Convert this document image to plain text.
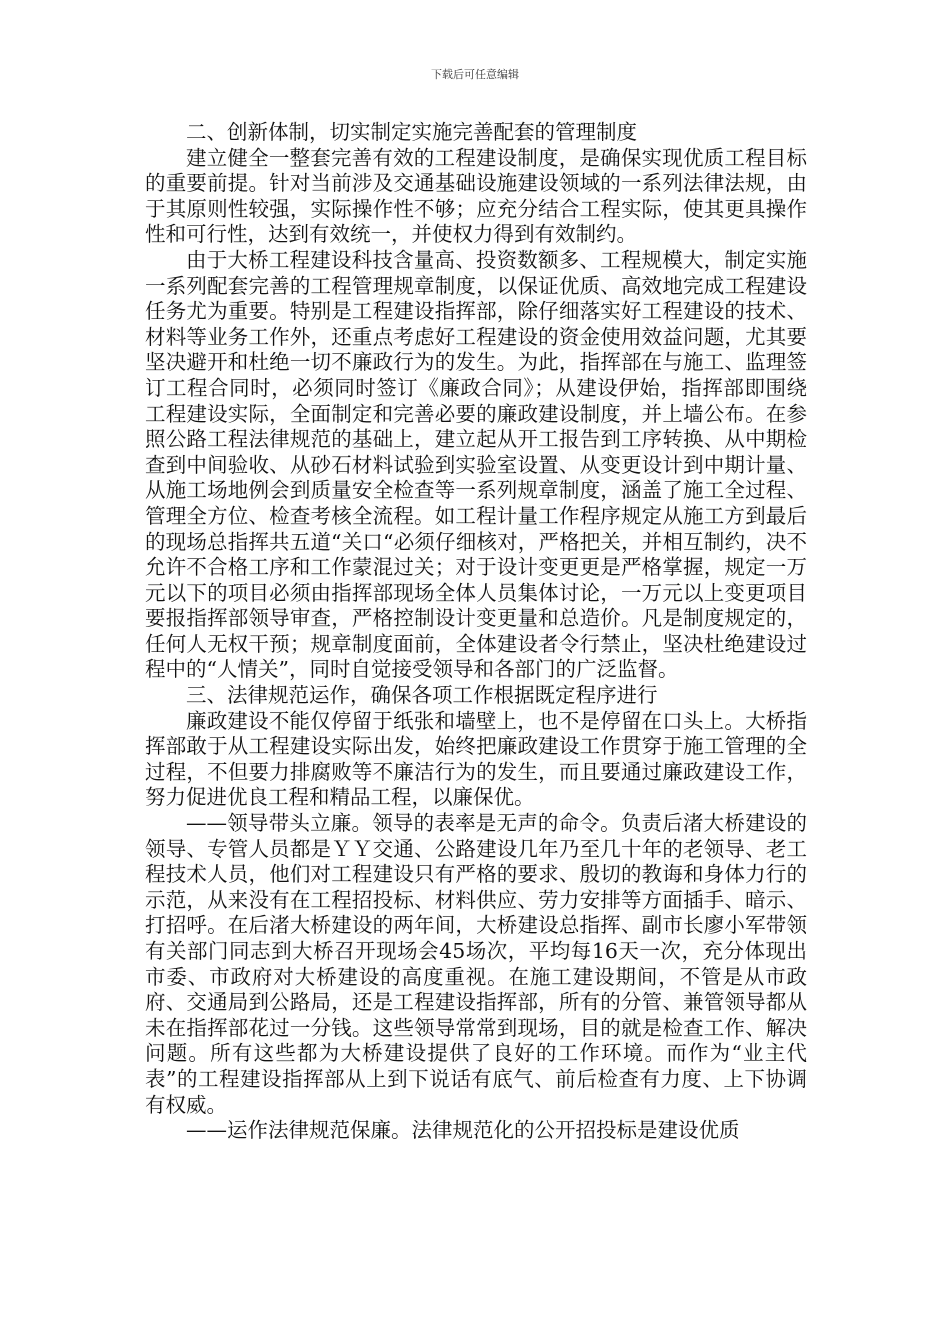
下载后可任意编辑

二、创新体制，切实制定实施完善配套的管理制度

建立健全一整套完善有效的工程建设制度，是确保实现优质工程目标的重要前提。针对当前涉及交通基础设施建设领域的一系列法律法规，由于其原则性较强，实际操作性不够；应充分结合工程实际，使其更具操作性和可行性，达到有效统一，并使权力得到有效制约。

由于大桥工程建设科技含量高、投资数额多、工程规模大，制定实施一系列配套完善的工程管理规章制度，以保证优质、高效地完成工程建设任务尤为重要。特别是工程建设指挥部，除仔细落实好工程建设的技术、材料等业务工作外，还重点考虑好工程建设的资金使用效益问题，尤其要坚决避开和杜绝一切不廉政行为的发生。为此，指挥部在与施工、监理签订工程合同时，必须同时签订《廉政合同》；从建设伊始，指挥部即围绕工程建设实际，全面制定和完善必要的廉政建设制度，并上墙公布。在参照公路工程法律规范的基础上，建立起从开工报告到工序转换、从中期检查到中间验收、从砂石材料试验到实验室设置、从变更设计到中期计量、从施工场地例会到质量安全检查等一系列规章制度，涵盖了施工全过程、管理全方位、检查考核全流程。如工程计量工作程序规定从施工方到最后的现场总指挥共五道“关口“必须仔细核对，严格把关，并相互制约，决不允许不合格工序和工作蒙混过关；对于设计变更更是严格掌握，规定一万元以下的项目必须由指挥部现场全体人员集体讨论，一万元以上变更项目要报指挥部领导审查，严格控制设计变更量和总造价。凡是制度规定的，任何人无权干预；规章制度面前，全体建设者令行禁止，坚决杜绝建设过程中的“人情关”，同时自觉接受领导和各部门的广泛监督。

三、法律规范运作，确保各项工作根据既定程序进行

廉政建设不能仅停留于纸张和墙壁上，也不是停留在口头上。大桥指挥部敢于从工程建设实际出发，始终把廉政建设工作贯穿于施工管理的全过程，不但要力排腐败等不廉洁行为的发生，而且要通过廉政建设工作，努力促进优良工程和精品工程，以廉保优。

——领导带头立廉。领导的表率是无声的命令。负责后渚大桥建设的领导、专管人员都是ＹＹ交通、公路建设几年乃至几十年的老领导、老工程技术人员，他们对工程建设只有严格的要求、殷切的教诲和身体力行的示范，从来没有在工程招投标、材料供应、劳力安排等方面插手、暗示、打招呼。在后渚大桥建设的两年间，大桥建设总指挥、副市长廖小军带领有关部门同志到大桥召开现场会45场次，平均每16天一次，充分体现出市委、市政府对大桥建设的高度重视。在施工建设期间，不管是从市政府、交通局到公路局，还是工程建设指挥部，所有的分管、兼管领导都从未在指挥部花过一分钱。这些领导常常到现场，目的就是检查工作、解决问题。所有这些都为大桥建设提供了良好的工作环境。而作为“业主代表”的工程建设指挥部从上到下说话有底气、前后检查有力度、上下协调有权威。

——运作法律规范保廉。法律规范化的公开招投标是建设优质
